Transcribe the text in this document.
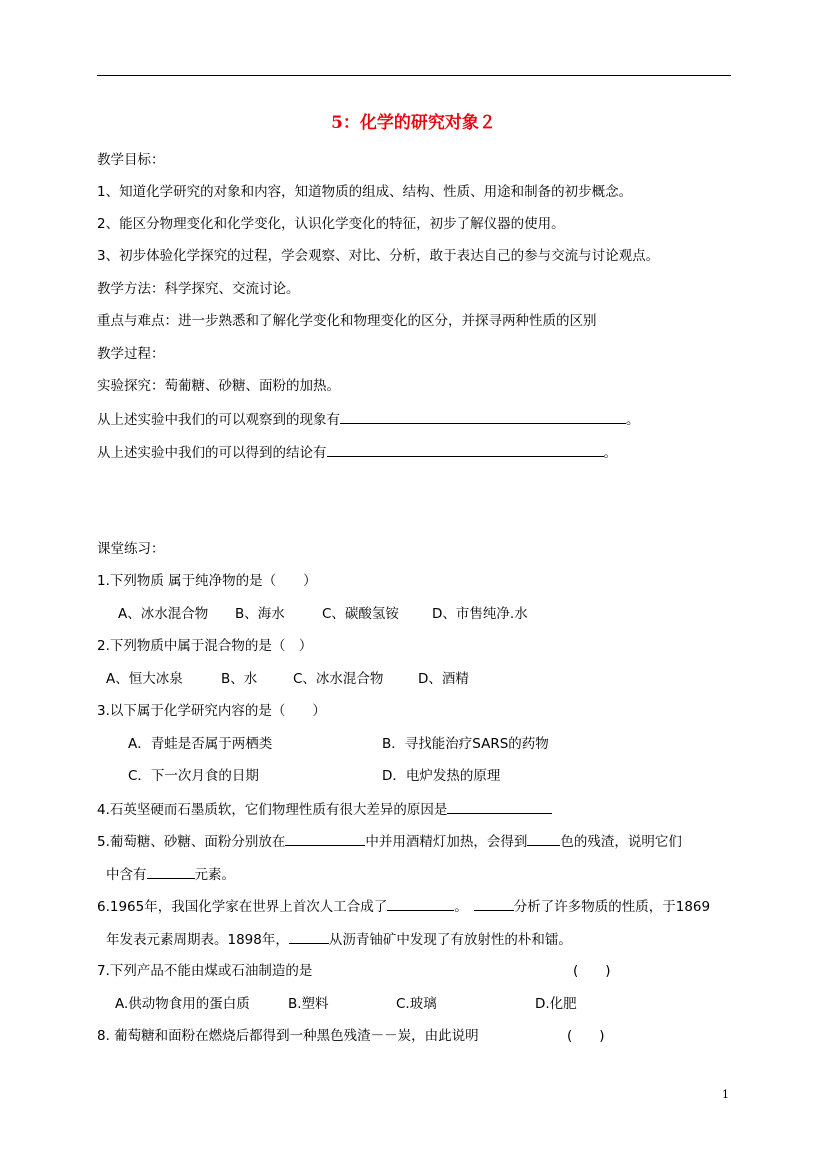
5：化学的研究对象２
教学目标：
1、知道化学研究的对象和内容，知道物质的组成、结构、性质、用途和制备的初步概念。
2、能区分物理变化和化学变化，认识化学变化的特征，初步了解仪器的使用。
3、初步体验化学探究的过程，学会观察、对比、分析，敢于表达自己的参与交流与讨论观点。
教学方法：科学探究、交流讨论。
重点与难点：进一步熟悉和了解化学变化和物理变化的区分，并探寻两种性质的区别
教学过程：
实验探究：萄葡糖、砂糖、面粉的加热。
从上述实验中我们的可以观察到的现象有	。
从上述实验中我们的可以得到的结论有	。
课堂练习：
1.下列物质 属于纯净物的是（　　）
A、冰水混合物 B、海水	C、碳酸氢铵 D、市售纯净.水
2.下列物质中属于混合物的是（　）
A、恒大冰泉	B、水	C、冰水混合物	D、酒精
3.以下属于化学研究内容的是（　　）
A．青蛙是否属于两栖类	B．寻找能治疗SARS的药物
C．下一次月食的日期	D．电炉发热的原理
4.石英坚硬而石墨质软，它们物理性质有很大差异的原因是
5.葡萄糖、砂糖、面粉分别放在	中并用酒精灯加热，会得到 色的残渣，说明它们
中含有	元素。
6.1965年，我国化学家在世界上首次人工合成了	。	分析了许多物质的性质，于1869
年发表元素周期表。1898年，	从沥青铀矿中发现了有放射性的朴和镭。
7.下列产品不能由煤或石油制造的是	(　　)
A.供动物食用的蛋白质	B.塑料	C.玻璃	D.化肥
8. 葡萄糖和面粉在燃烧后都得到一种黑色残渣－－炭，由此说明	(　　)
1
